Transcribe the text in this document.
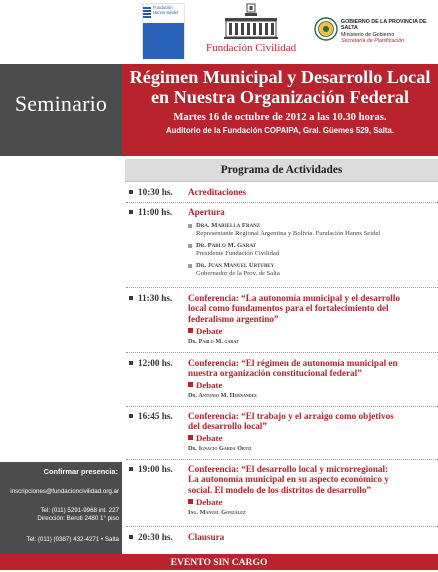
Fundación Hanns Seidel
Fundación Civilidad
GOBIERNO DE LA PROVINCIA DE SALTA
Ministerio de Gobierno
Secretaría de Planificación
Seminario
Régimen Municipal y Desarrollo Local
en Nuestra Organización Federal
Martes 16 de octubre de 2012 a las 10.30 horas.
Auditorio de la Fundación COPAIPA, Gral. Güemes 529, Salta.
Confirmar presencia:
inscripciones@fundacioncivilidad.org.ar
Tel: (011) 5291-9968 int. 227
Dirección: Beruti 2480 1° piso
Tel: (011) (0387) 432-4271 • Salta
Programa de Actividades
10:30 hs. Acreditaciones
11:00 hs. Apertura
Dra. Mariella Franz
Representante Regional Argentina y Bolivia. Fundación Hanns Seidel
Dr. Pablo M. Garat
Presidente Fundación Civilidad
Dr. Juan Manuel Urtubey
Gobernador de la Prov. de Salta
11:30 hs. Conferencia: “La autonomía municipal y el desarrollo
local como fundamentos para el fortalecimiento del
federalismo argentino”
Debate
Dr. Pablo M. garat
12:00 hs. Conferencia: “El régimen de autonomía municipal en
nuestra organización constitucional federal”
Debate
Dr. Antonio M. Hernandez
16:45 hs. Conferencia: “El trabajo y el arraigo como objetivos
del desarrollo local”
Debate
Dr. Ignacio Garda Ortiz
19:00 hs. Conferencia: “El desarrollo local y microrregional:
La autonomía municipal en su aspecto económico y
social. El modelo de los distritos de desarrollo”
Debate
Ing. Manuel González
20:30 hs. Clausura
EVENTO SIN CARGO
